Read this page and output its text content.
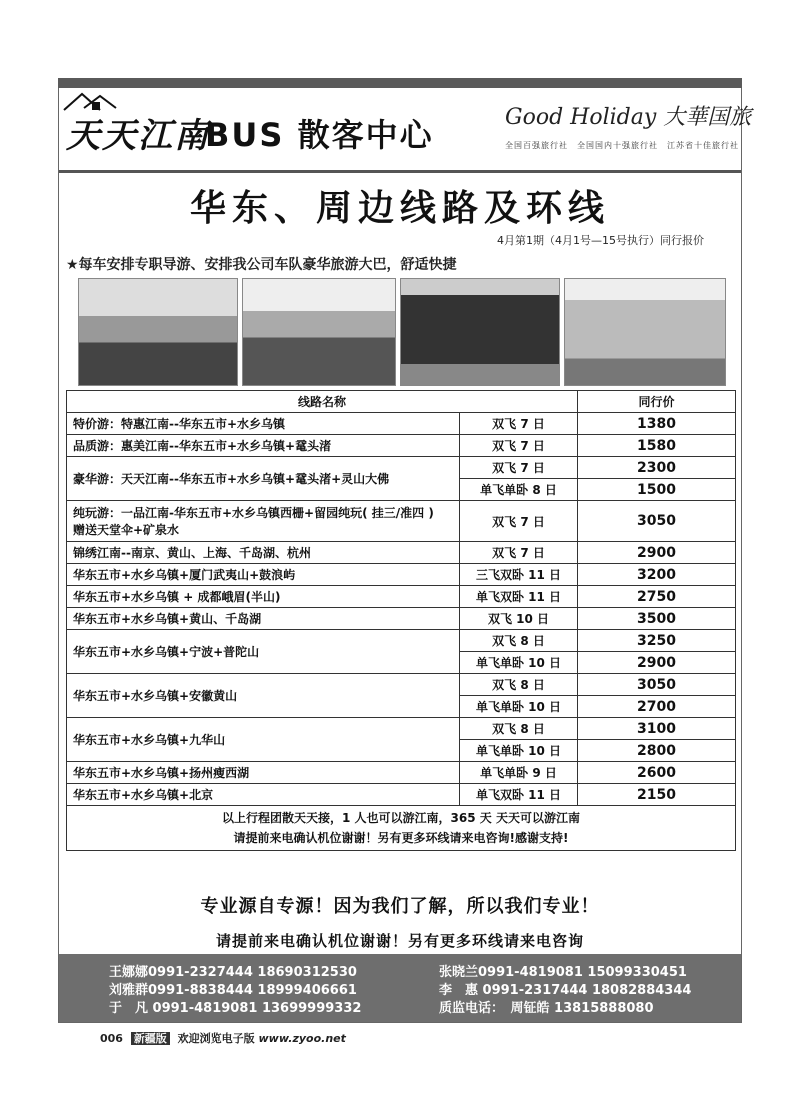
天天江南
BUS 散客中心	Good Holiday 大華国旅
全国百强旅行社　全国国内十强旅行社　江苏省十佳旅行社
华东、周边线路及环线
4月第1期（4月1号—15号执行）同行报价
★每车安排专职导游、安排我公司车队豪华旅游大巴，舒适快捷
线路名称		同行价

特价游：特惠江南--华东五市+水乡乌镇	双飞 7 日	1380

品质游：惠美江南--华东五市+水乡乌镇+鼋头渚	双飞 7 日	1580

豪华游：天天江南--华东五市+水乡乌镇+鼋头渚+灵山大佛	双飞 7 日	2300
	单飞单卧 8 日	1500

纯玩游：一品江南-华东五市+水乡乌镇西栅+留园纯玩( 挂三/准四 )
赠送天堂伞+矿泉水	双飞 7 日	3050

锦绣江南--南京、黄山、上海、千岛湖、杭州	双飞 7 日	2900

华东五市+水乡乌镇+厦门武夷山+鼓浪屿	三飞双卧 11 日	3200

华东五市+水乡乌镇 + 成都峨眉(半山)	单飞双卧 11 日	2750

华东五市+水乡乌镇+黄山、千岛湖	双飞 10 日	3500

华东五市+水乡乌镇+宁波+普陀山	双飞 8 日	3250
	单飞单卧 10 日	2900

华东五市+水乡乌镇+安徽黄山	双飞 8 日	3050
	单飞单卧 10 日	2700

华东五市+水乡乌镇+九华山	双飞 8 日	3100
	单飞单卧 10 日	2800

华东五市+水乡乌镇+扬州瘦西湖	单飞单卧 9 日	2600

华东五市+水乡乌镇+北京	单飞双卧 11 日	2150

以上行程团散天天接，1 人也可以游江南，365 天 天天可以游江南
请提前来电确认机位谢谢！另有更多环线请来电咨询!感谢支持!		
专业源自专源！因为我们了解，所以我们专业！
请提前来电确认机位谢谢！另有更多环线请来电咨询
王娜娜0991-2327444 18690312530
刘雅群0991-8838444 18999406661
于　凡 0991-4819081 13699999332
张晓兰0991-4819081 15099330451
李　惠 0991-2317444 18082884344
质监电话：　周钲皓 13815888080
006 新疆版 欢迎浏览电子版 www.zyoo.net
